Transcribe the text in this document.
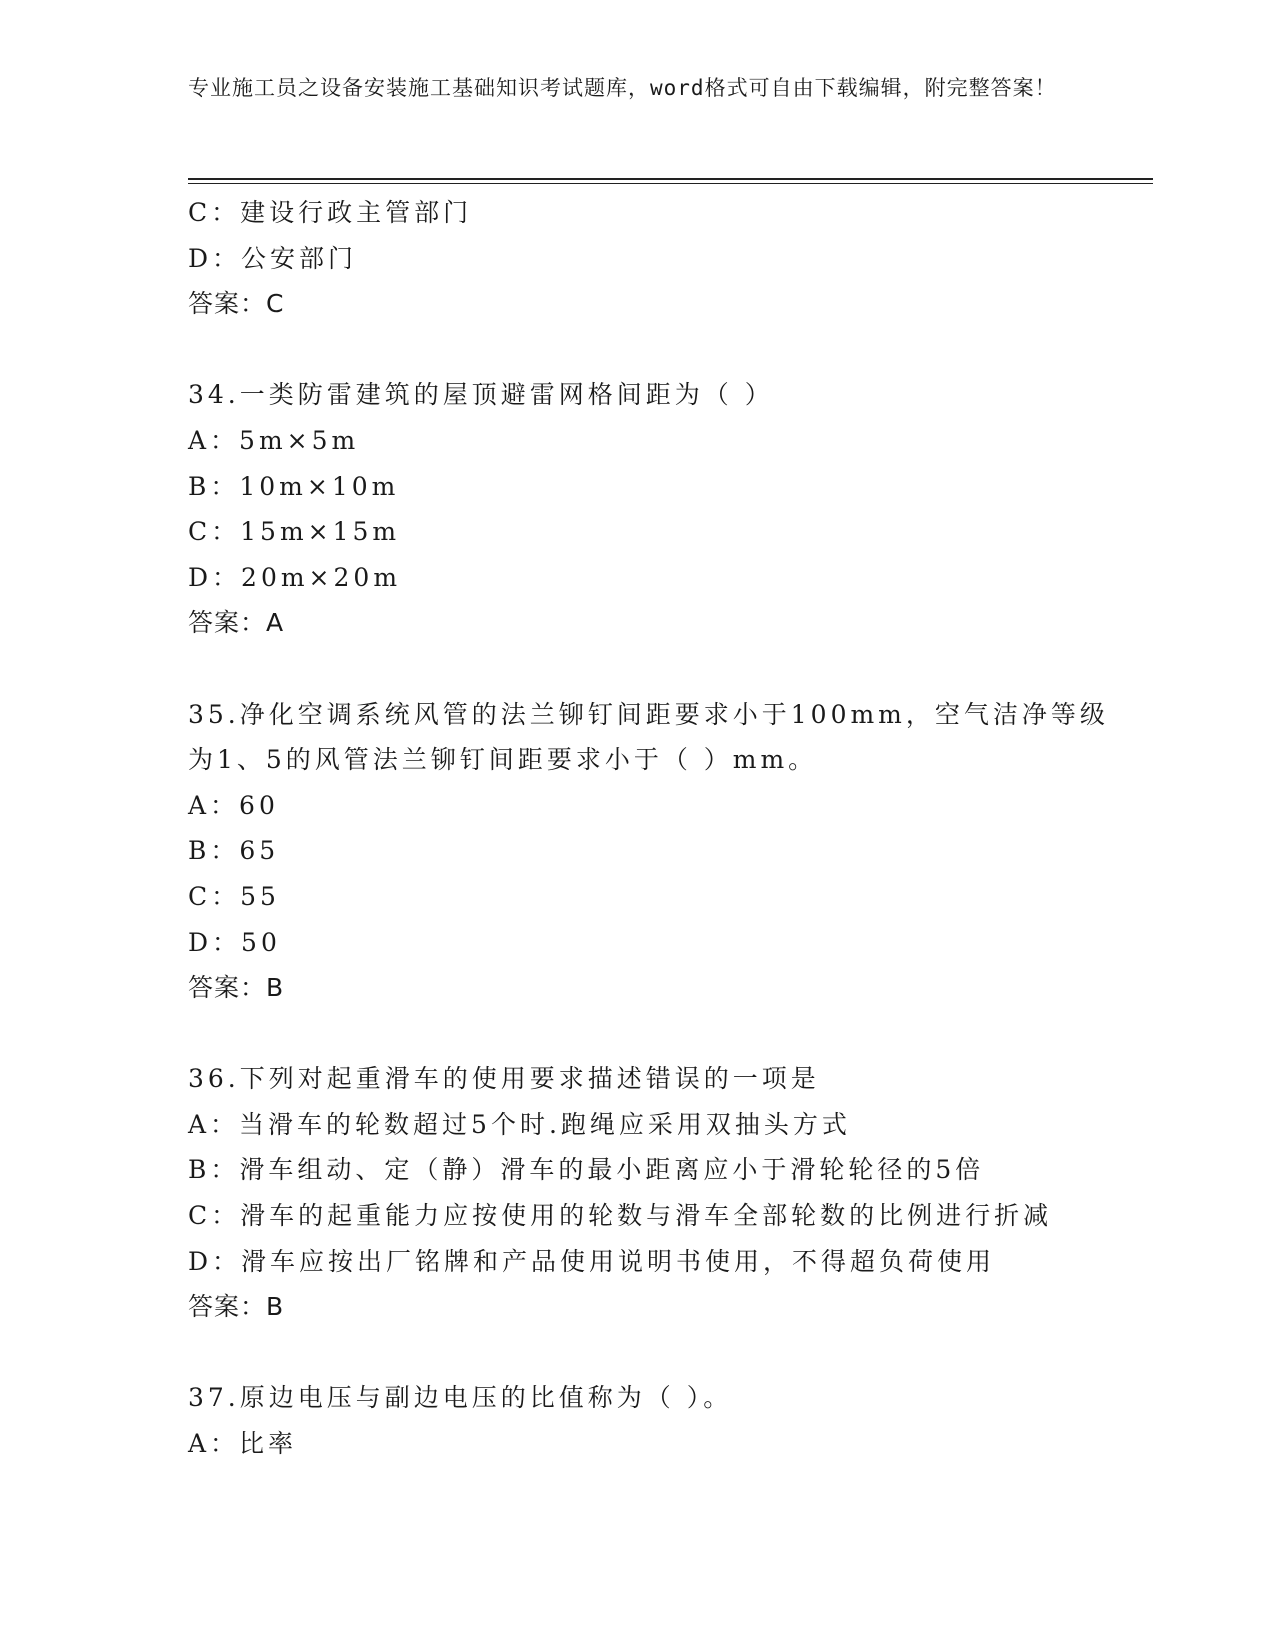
专业施工员之设备安装施工基础知识考试题库，word格式可自由下载编辑，附完整答案！
C：建设行政主管部门
D：公安部门
答案：C
34.一类防雷建筑的屋顶避雷网格间距为（ ）
A：5m×5m
B：10m×10m
C：15m×15m
D：20m×20m
答案：A
35.净化空调系统风管的法兰铆钉间距要求小于100mm，空气洁净等级
为1、5的风管法兰铆钉间距要求小于（ ）mm。
A：60
B：65
C：55
D：50
答案：B
36.下列对起重滑车的使用要求描述错误的一项是
A：当滑车的轮数超过5个时.跑绳应采用双抽头方式
B：滑车组动、定（静）滑车的最小距离应小于滑轮轮径的5倍
C：滑车的起重能力应按使用的轮数与滑车全部轮数的比例进行折减
D：滑车应按出厂铭牌和产品使用说明书使用，不得超负荷使用
答案：B
37.原边电压与副边电压的比值称为（ ）。
A：比率
